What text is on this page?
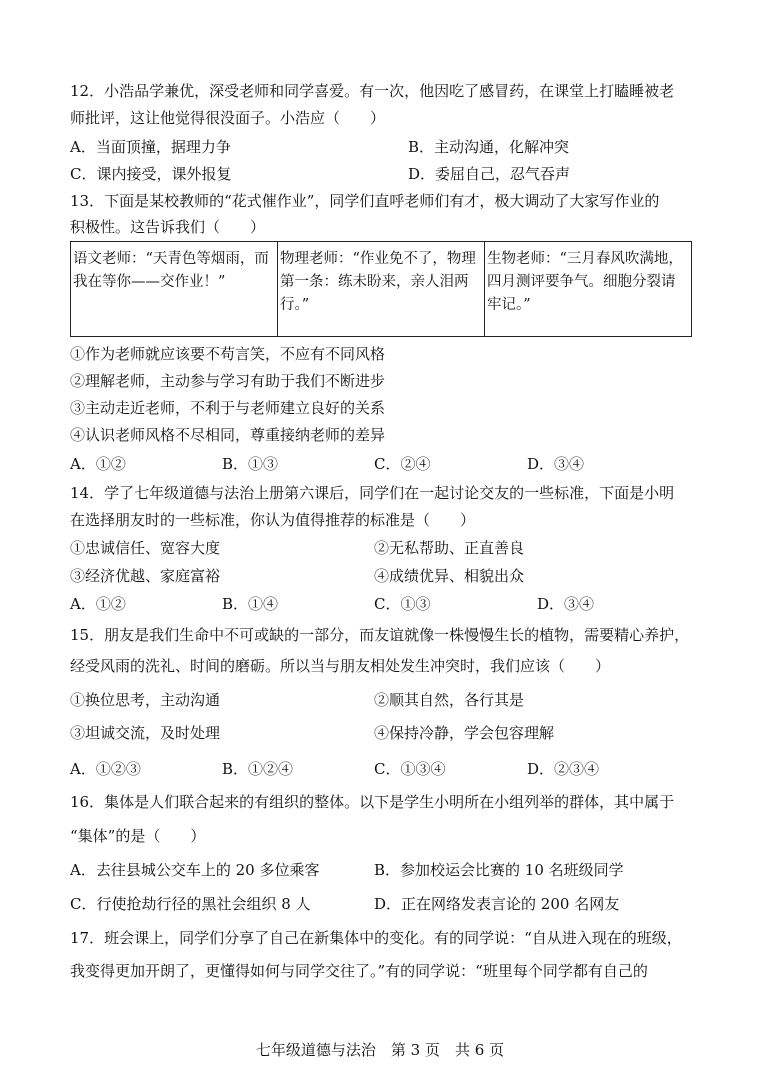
12．小浩品学兼优，深受老师和同学喜爱。有一次，他因吃了感冒药，在课堂上打瞌睡被老
师批评，这让他觉得很没面子。小浩应（　　）
A．当面顶撞，据理力争	B．主动沟通，化解冲突
C．课内接受，课外报复	D．委屈自己，忍气吞声
13．下面是某校教师的“花式催作业”，同学们直呼老师们有才，极大调动了大家写作业的
积极性。这告诉我们（　　）
语文老师：“天青色等烟雨，而我在等你——交作业！”	物理老师：“作业免不了，物理第一条：练未盼来，亲人泪两行。”	生物老师：“三月春风吹满地，四月测评要争气。细胞分裂请牢记。”
①作为老师就应该要不苟言笑，不应有不同风格
②理解老师，主动参与学习有助于我们不断进步
③主动走近老师，不利于与老师建立良好的关系
④认识老师风格不尽相同，尊重接纳老师的差异
A．①②	B．①③	C．②④	D．③④
14．学了七年级道德与法治上册第六课后，同学们在一起讨论交友的一些标准，下面是小明
在选择朋友时的一些标准，你认为值得推荐的标准是（　　）
①忠诚信任、宽容大度	②无私帮助、正直善良
③经济优越、家庭富裕	④成绩优异、相貌出众
A．①②	B．①④	C．①③	D．③④
15．朋友是我们生命中不可或缺的一部分，而友谊就像一株慢慢生长的植物，需要精心养护，
经受风雨的洗礼、时间的磨砺。所以当与朋友相处发生冲突时，我们应该（　　）
①换位思考，主动沟通	②顺其自然，各行其是
③坦诚交流，及时处理	④保持冷静，学会包容理解
A．①②③	B．①②④	C．①③④	D．②③④
16．集体是人们联合起来的有组织的整体。以下是学生小明所在小组列举的群体，其中属于
“集体”的是（　　）
A．去往县城公交车上的 20 多位乘客	B．参加校运会比赛的 10 名班级同学
C．行使抢劫行径的黑社会组织 8 人	D．正在网络发表言论的 200 名网友
17．班会课上，同学们分享了自己在新集体中的变化。有的同学说：“自从进入现在的班级，
我变得更加开朗了，更懂得如何与同学交往了。”有的同学说：“班里每个同学都有自己的
七年级道德与法治　第 3 页　共 6 页
